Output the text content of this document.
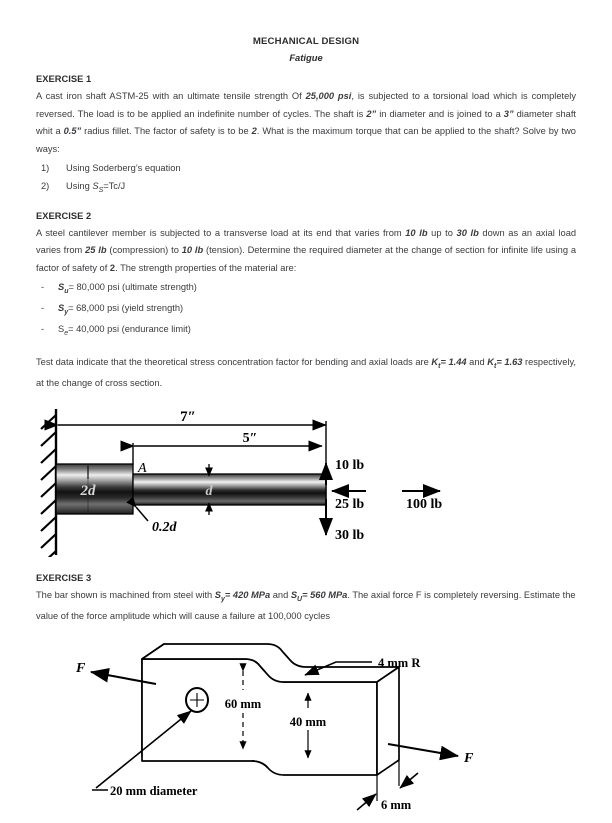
MECHANICAL DESIGN
Fatigue
EXERCISE 1

A cast iron shaft ASTM-25 with an ultimate tensile strength Of 25,000 psi, is subjected to a torsional load which is completely reversed. The load is to be applied an indefinite number of cycles. The shaft is 2” in diameter and is joined to a 3” diameter shaft whit a 0.5” radius fillet. The factor of safety is to be 2. What is the maximum torque that can be applied to the shaft? Solve by two ways:

1)	Using Soderberg’s equation
2)	Using $S_S=Tc/J$
EXERCISE 2

A steel cantilever member is subjected to a transverse load at its end that varies from 10 lb up to 30 lb down as an axial load varies from 25 lb (compression) to 10 lb (tension). Determine the required diameter at the change of section for infinite life using a factor of safety of 2. The strength properties of the material are:

- $S_u= 80,000$ psi (ultimate strength)
- $S_y= 68,000$ psi (yield strength)
- $S_e= 40,000$ psi (endurance limit)

Test data indicate that the theoretical stress concentration factor for bending and axial loads are $K_t= 1.44$ and $K_t= 1.63$ respectively, at the change of cross section.

7″
5″
2d	d
A
0.2d
10 lb
25 lb	100 lb
30 lb
EXERCISE 3

The bar shown is machined from steel with $S_y= 420$ MPa and $S_U= 560$ MPa. The axial force F is completely reversing. Estimate the value of the force amplitude which will cause a failure at 100,000 cycles

F
F
60 mm
40 mm
4 mm R
20 mm diameter
6 mm
